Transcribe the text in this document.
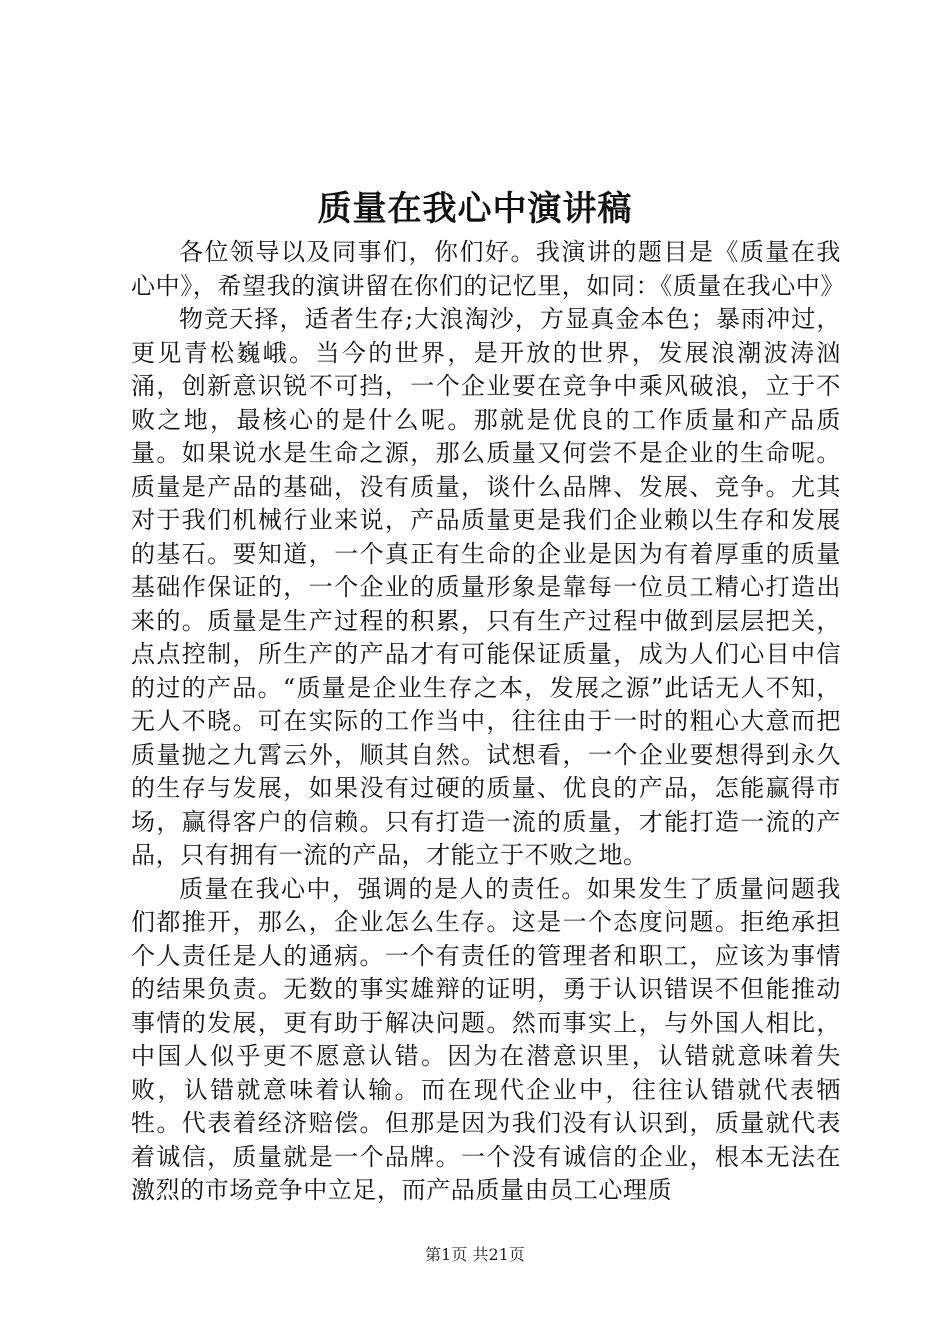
质量在我心中演讲稿

各位领导以及同事们，你们好。我演讲的题目是《质量在我心中》，希望我的演讲留在你们的记忆里，如同：《质量在我心中》

物竞天择，适者生存;大浪淘沙，方显真金本色；暴雨冲过，更见青松巍峨。当今的世界，是开放的世界，发展浪潮波涛汹涌，创新意识锐不可挡，一个企业要在竞争中乘风破浪，立于不败之地，最核心的是什么呢。那就是优良的工作质量和产品质量。如果说水是生命之源，那么质量又何尝不是企业的生命呢。质量是产品的基础，没有质量，谈什么品牌、发展、竞争。尤其对于我们机械行业来说，产品质量更是我们企业赖以生存和发展的基石。要知道，一个真正有生命的企业是因为有着厚重的质量基础作保证的，一个企业的质量形象是靠每一位员工精心打造出来的。质量是生产过程的积累，只有生产过程中做到层层把关，点点控制，所生产的产品才有可能保证质量，成为人们心目中信的过的产品。“质量是企业生存之本，发展之源”此话无人不知，无人不晓。可在实际的工作当中，往往由于一时的粗心大意而把质量抛之九霄云外，顺其自然。试想看，一个企业要想得到永久的生存与发展，如果没有过硬的质量、优良的产品，怎能赢得市场，赢得客户的信赖。只有打造一流的质量，才能打造一流的产品，只有拥有一流的产品，才能立于不败之地。

质量在我心中，强调的是人的责任。如果发生了质量问题我们都推开，那么，企业怎么生存。这是一个态度问题。拒绝承担个人责任是人的通病。一个有责任的管理者和职工，应该为事情的结果负责。无数的事实雄辩的证明，勇于认识错误不但能推动事情的发展，更有助于解决问题。然而事实上，与外国人相比，中国人似乎更不愿意认错。因为在潜意识里，认错就意味着失败，认错就意味着认输。而在现代企业中，往往认错就代表牺牲。代表着经济赔偿。但那是因为我们没有认识到，质量就代表着诚信，质量就是一个品牌。一个没有诚信的企业，根本无法在激烈的市场竞争中立足，而产品质量由员工心理质

第1页 共21页
